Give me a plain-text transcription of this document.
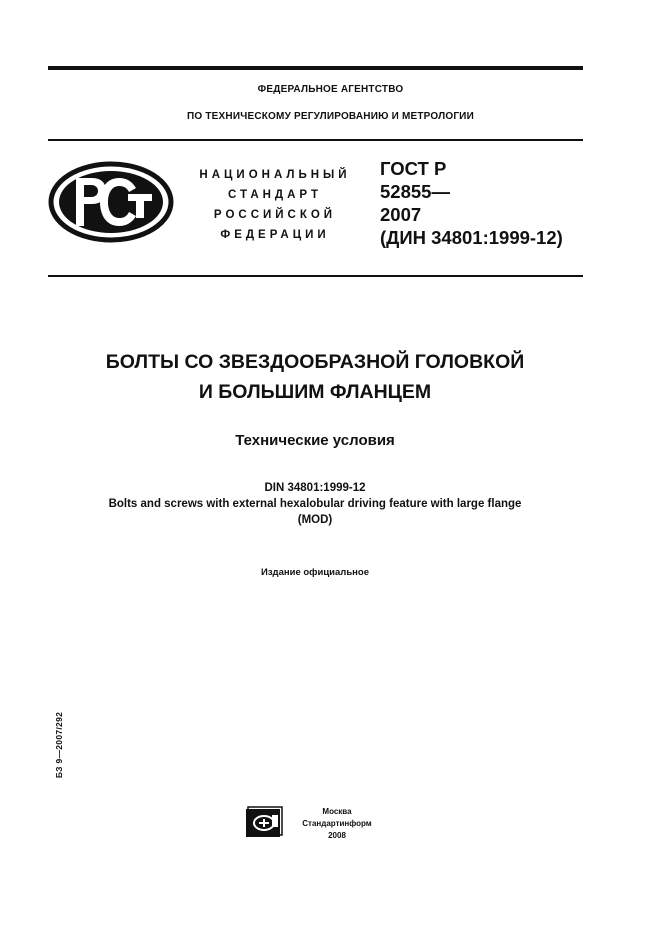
ФЕДЕРАЛЬНОЕ АГЕНТСТВО
ПО ТЕХНИЧЕСКОМУ РЕГУЛИРОВАНИЮ И МЕТРОЛОГИИ
НАЦИОНАЛЬНЫЙ
СТАНДАРТ
РОССИЙСКОЙ
ФЕДЕРАЦИИ
ГОСТ Р
52855—
2007
(ДИН 34801:1999-12)
БОЛТЫ СО ЗВЕЗДООБРАЗНОЙ ГОЛОВКОЙ
И БОЛЬШИМ ФЛАНЦЕМ
Технические условия
DIN 34801:1999-12
Bolts and screws with external hexalobular driving feature with large flange
(MOD)
Издание официальное
БЗ 9—2007/292
Москва
Стандартинформ
2008
